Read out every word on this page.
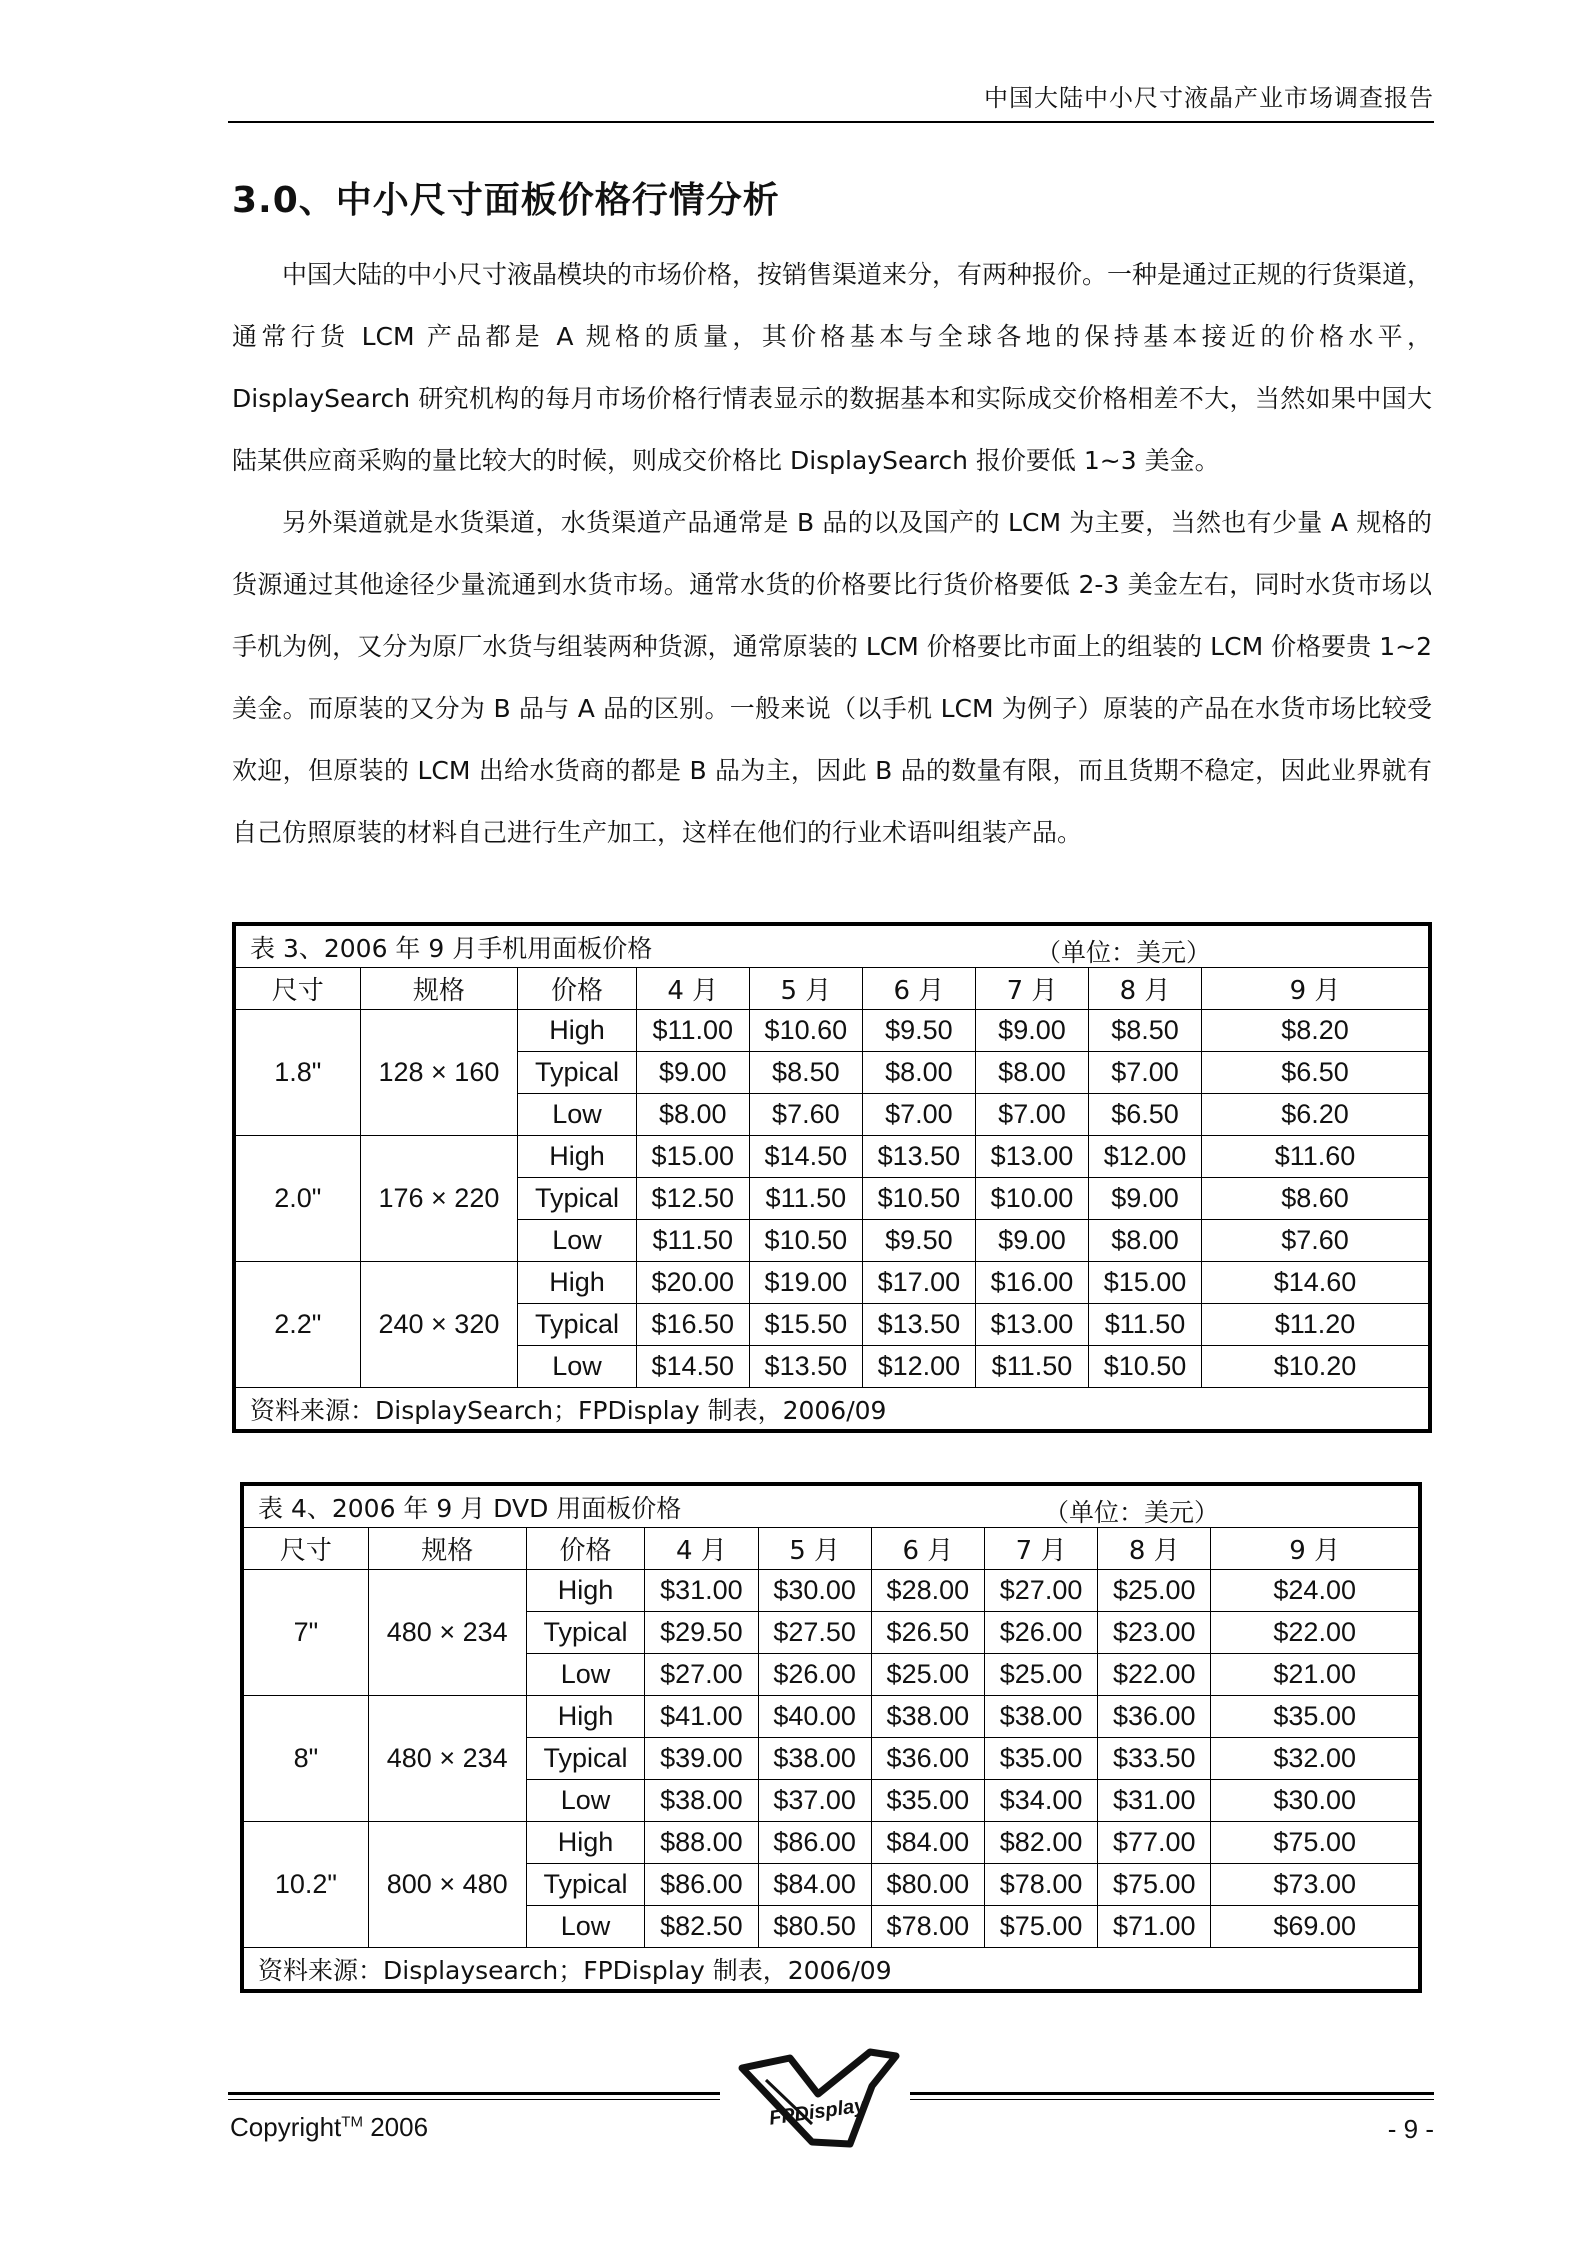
中国大陆中小尺寸液晶产业市场调查报告
3.0、中小尺寸面板价格行情分析

中国大陆的中小尺寸液晶模块的市场价格，按销售渠道来分，有两种报价。一种是通过正规的行货渠道，通常行货 LCM 产品都是 A 规格的质量，其价格基本与全球各地的保持基本接近的价格水平，DisplaySearch 研究机构的每月市场价格行情表显示的数据基本和实际成交价格相差不大，当然如果中国大陆某供应商采购的量比较大的时候，则成交价格比 DisplaySearch 报价要低 1~3 美金。

另外渠道就是水货渠道，水货渠道产品通常是 B 品的以及国产的 LCM 为主要，当然也有少量 A 规格的货源通过其他途径少量流通到水货市场。通常水货的价格要比行货价格要低 2-3 美金左右，同时水货市场以手机为例，又分为原厂水货与组装两种货源，通常原装的 LCM 价格要比市面上的组装的 LCM 价格要贵 1~2 美金。而原装的又分为 B 品与 A 品的区别。一般来说（以手机 LCM 为例子）原装的产品在水货市场比较受欢迎，但原装的 LCM 出给水货商的都是 B 品为主，因此 B 品的数量有限，而且货期不稳定，因此业界就有自己仿照原装的材料自己进行生产加工，这样在他们的行业术语叫组装产品。

表 3、2006 年 9 月手机用面板价格 （单位：美元）								

尺寸	规格	价格	4 月	5 月	6 月	7 月	8 月	9 月
1.8"	128 × 160	High	$11.00	$10.60	$9.50	$9.00	$8.50	$8.20
		Typical	$9.00	$8.50	$8.00	$8.00	$7.00	$6.50
		Low	$8.00	$7.60	$7.00	$7.00	$6.50	$6.20
2.0"	176 × 220	High	$15.00	$14.50	$13.50	$13.00	$12.00	$11.60
		Typical	$12.50	$11.50	$10.50	$10.00	$9.00	$8.60
		Low	$11.50	$10.50	$9.50	$9.00	$8.00	$7.60
2.2"	240 × 320	High	$20.00	$19.00	$17.00	$16.00	$15.00	$14.60
		Typical	$16.50	$15.50	$13.50	$13.00	$11.50	$11.20
		Low	$14.50	$13.50	$12.00	$11.50	$10.50	$10.20
资料来源：DisplaySearch；FPDisplay 制表，2006/09								
表 4、2006 年 9 月 DVD 用面板价格 （单位：美元）								

尺寸	规格	价格	4 月	5 月	6 月	7 月	8 月	9 月
7"	480 × 234	High	$31.00	$30.00	$28.00	$27.00	$25.00	$24.00
		Typical	$29.50	$27.50	$26.50	$26.00	$23.00	$22.00
		Low	$27.00	$26.00	$25.00	$25.00	$22.00	$21.00
8"	480 × 234	High	$41.00	$40.00	$38.00	$38.00	$36.00	$35.00
		Typical	$39.00	$38.00	$36.00	$35.00	$33.50	$32.00
		Low	$38.00	$37.00	$35.00	$34.00	$31.00	$30.00
10.2"	800 × 480	High	$88.00	$86.00	$84.00	$82.00	$77.00	$75.00
		Typical	$86.00	$84.00	$80.00	$78.00	$75.00	$73.00
		Low	$82.50	$80.50	$78.00	$75.00	$71.00	$69.00
资料来源：Displaysearch；FPDisplay 制表，2006/09								
FPDisplay
Copyright™ 2006	- 9 -
